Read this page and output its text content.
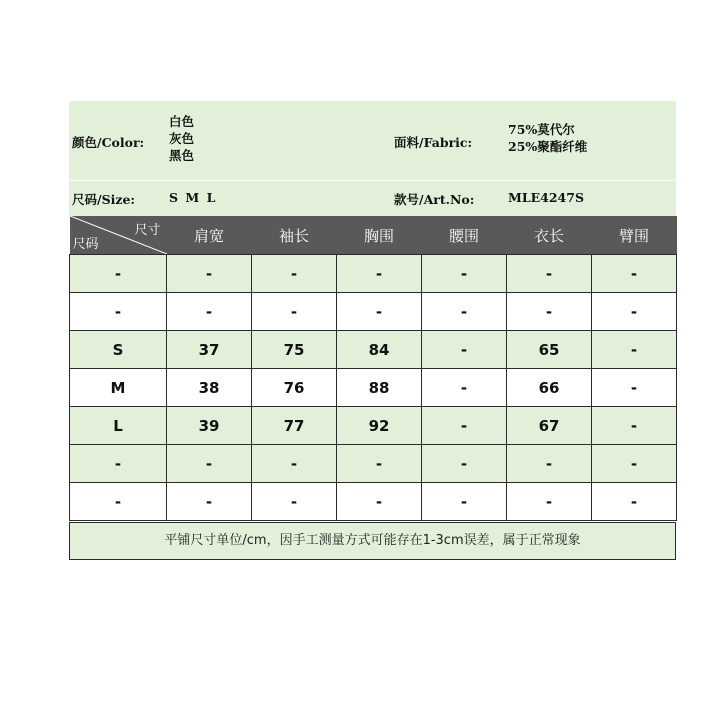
颜色/Color:
白色
灰色
黑色
面料/Fabric:
75%莫代尔
25%聚酯纤维
尺码/Size:	S M L	款号/Art.No:	MLE4247S
尺寸
尺码	肩宽	袖长	胸围	腰围	衣长	臂围
-	-	-	-	-	-	-
-	-	-	-	-	-	-
S	37	75	84	-	65	-
M	38	76	88	-	66	-
L	39	77	92	-	67	-
-	-	-	-	-	-	-
-	-	-	-	-	-	-
平铺尺寸单位/cm，因手工测量方式可能存在1-3cm误差，属于正常现象
